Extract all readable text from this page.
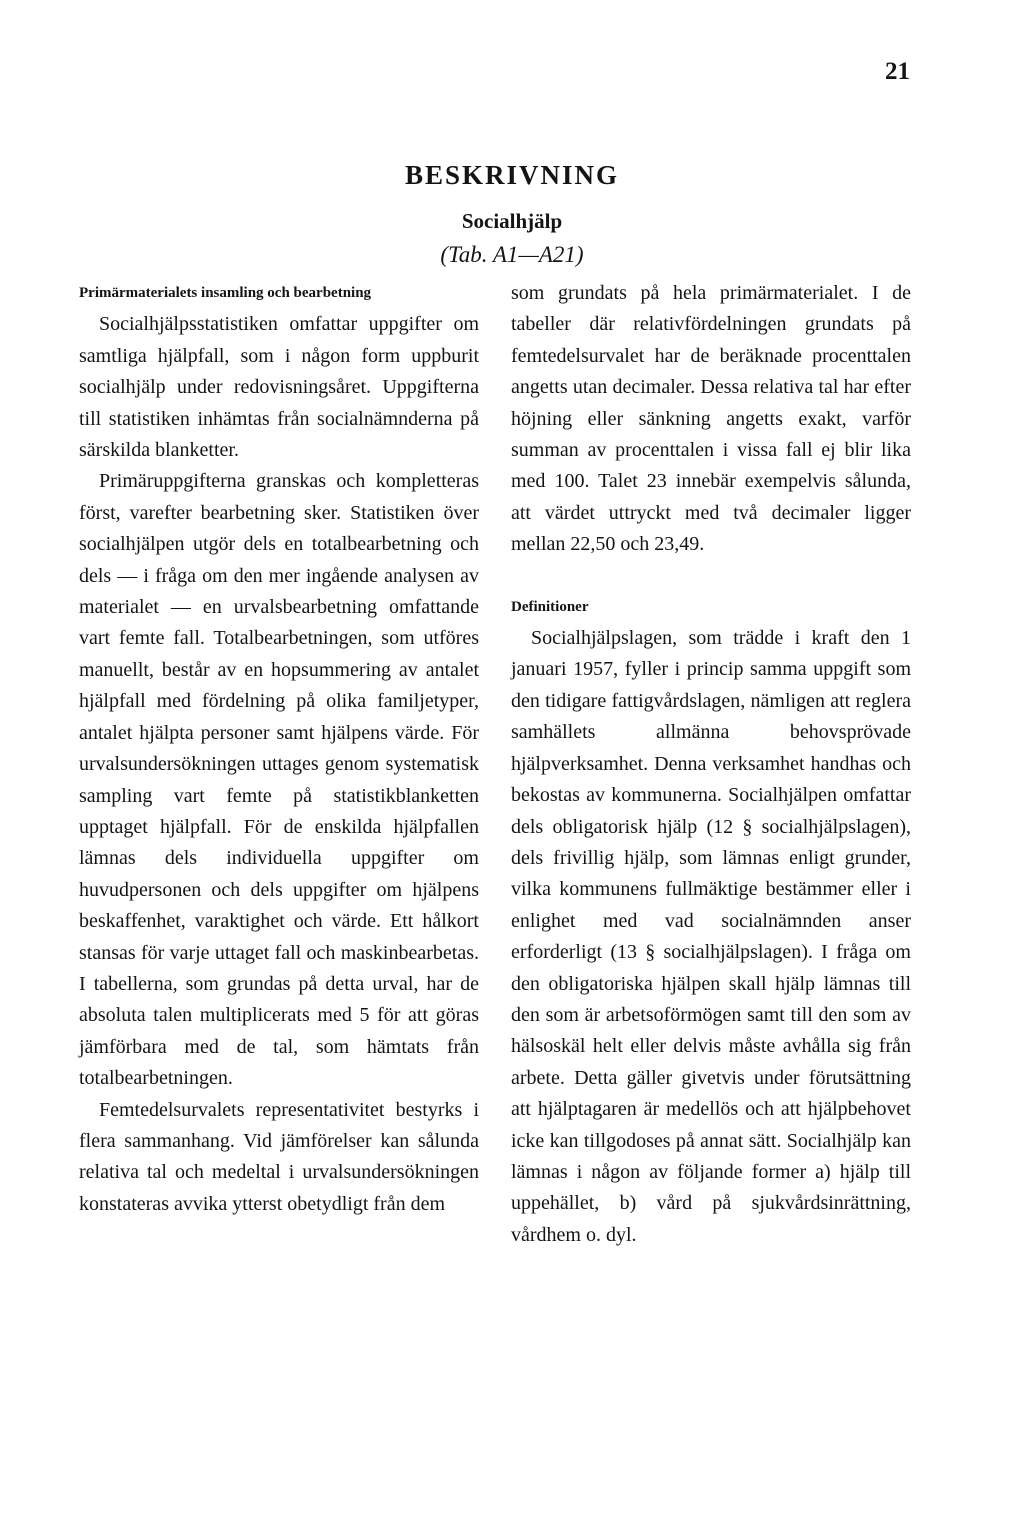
21
BESKRIVNING
Socialhjälp
(Tab. A1—A21)
Primärmaterialets insamling och bearbetning

Socialhjälpsstatistiken omfattar uppgifter om samtliga hjälpfall, som i någon form uppburit socialhjälp under redovisningsåret. Uppgifterna till statistiken inhämtas från socialnämnderna på särskilda blanketter.

Primäruppgifterna granskas och kompletteras först, varefter bearbetning sker. Statistiken över socialhjälpen utgör dels en totalbearbetning och dels — i fråga om den mer ingående analysen av materialet — en urvalsbearbetning omfattande vart femte fall. Totalbearbetningen, som utföres manuellt, består av en hopsummering av antalet hjälpfall med fördelning på olika familjetyper, antalet hjälpta personer samt hjälpens värde. För urvalsundersökningen uttages genom systematisk sampling vart femte på statistikblanketten upptaget hjälpfall. För de enskilda hjälpfallen lämnas dels individuella uppgifter om huvudpersonen och dels uppgifter om hjälpens beskaffenhet, varaktighet och värde. Ett hålkort stansas för varje uttaget fall och maskinbearbetas. I tabellerna, som grundas på detta urval, har de absoluta talen multiplicerats med 5 för att göras jämförbara med de tal, som hämtats från totalbearbetningen.

Femtedelsurvalets representativitet bestyrks i flera sammanhang. Vid jämförelser kan sålunda relativa tal och medeltal i urvalsundersökningen konstateras avvika ytterst obetydligt från dem

som grundats på hela primärmaterialet. I de tabeller där relativfördelningen grundats på femtedelsurvalet har de beräknade procenttalen angetts utan decimaler. Dessa relativa tal har efter höjning eller sänkning angetts exakt, varför summan av procenttalen i vissa fall ej blir lika med 100. Talet 23 innebär exempelvis sålunda, att värdet uttryckt med två decimaler ligger mellan 22,50 och 23,49.

Definitioner

Socialhjälpslagen, som trädde i kraft den 1 januari 1957, fyller i princip samma uppgift som den tidigare fattigvårdslagen, nämligen att reglera samhällets allmänna behovsprövade hjälpverksamhet. Denna verksamhet handhas och bekostas av kommunerna. Socialhjälpen omfattar dels obligatorisk hjälp (12 § socialhjälpslagen), dels frivillig hjälp, som lämnas enligt grunder, vilka kommunens fullmäktige bestämmer eller i enlighet med vad socialnämnden anser erforderligt (13 § socialhjälpslagen). I fråga om den obligatoriska hjälpen skall hjälp lämnas till den som är arbetsoförmögen samt till den som av hälsoskäl helt eller delvis måste avhålla sig från arbete. Detta gäller givetvis under förutsättning att hjälptagaren är medellös och att hjälpbehovet icke kan tillgodoses på annat sätt. Socialhjälp kan lämnas i någon av följande former a) hjälp till uppehället, b) vård på sjukvårdsinrättning, vårdhem o. dyl.
